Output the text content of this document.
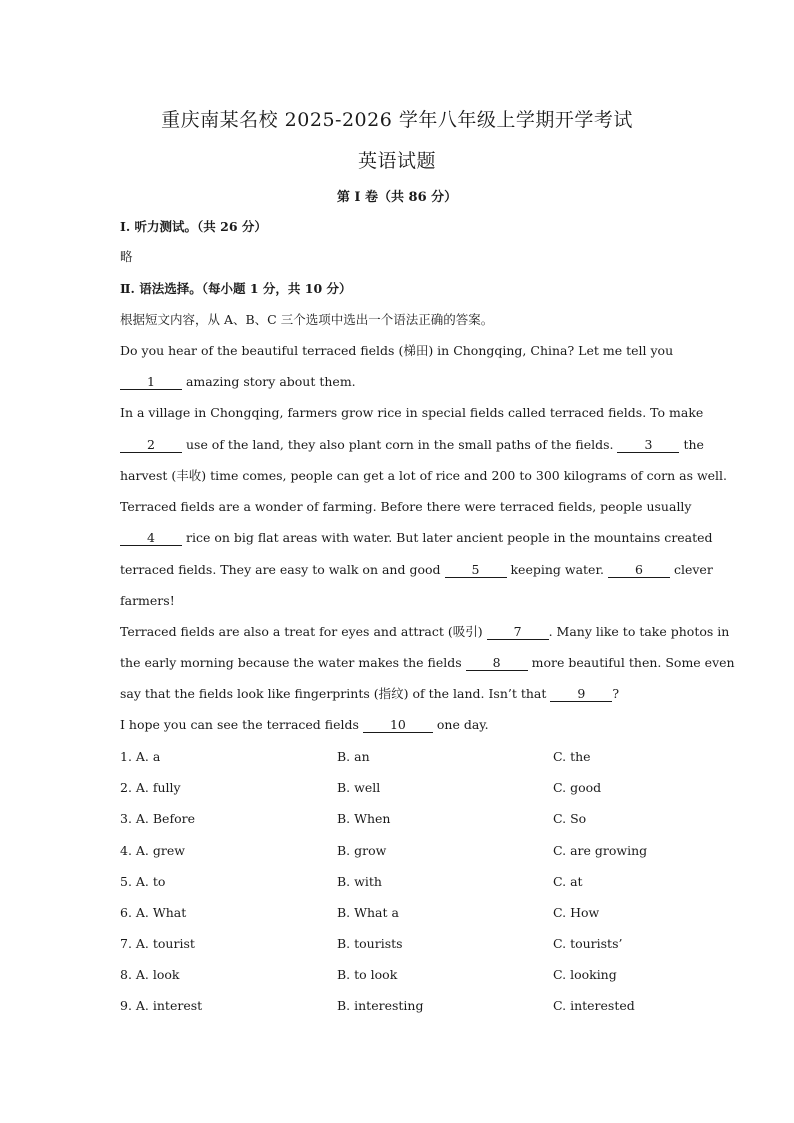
重庆南某名校 2025-2026 学年八年级上学期开学考试
英语试题
第 I 卷（共 86 分）
Ⅰ. 听力测试。（共 26 分）
略
Ⅱ. 语法选择。（每小题 1 分，共 10 分）
根据短文内容，从 A、B、C 三个选项中选出一个语法正确的答案。
Do you hear of the beautiful terraced fields (梯田) in Chongqing, China? Let me tell you
1 amazing story about them.
In a village in Chongqing, farmers grow rice in special fields called terraced fields. To make
2 use of the land, they also plant corn in the small paths of the fields. 3 the
harvest (丰收) time comes, people can get a lot of rice and 200 to 300 kilograms of corn as well.
Terraced fields are a wonder of farming. Before there were terraced fields, people usually
4 rice on big flat areas with water. But later ancient people in the mountains created
terraced fields. They are easy to walk on and good 5 keeping water. 6 clever
farmers!
Terraced fields are also a treat for eyes and attract (吸引) 7 . Many like to take photos in
the early morning because the water makes the fields 8 more beautiful then. Some even
say that the fields look like fingerprints (指纹) of the land. Isn’t that 9 ?
I hope you can see the terraced fields 10 one day.
1. A. a	B. an	C. the
2. A. fully	B. well	C. good
3. A. Before	B. When	C. So
4. A. grew	B. grow	C. are growing
5. A. to	B. with	C. at
6. A. What	B. What a	C. How
7. A. tourist	B. tourists	C. tourists’
8. A. look	B. to look	C. looking
9. A. interest	B. interesting	C. interested
